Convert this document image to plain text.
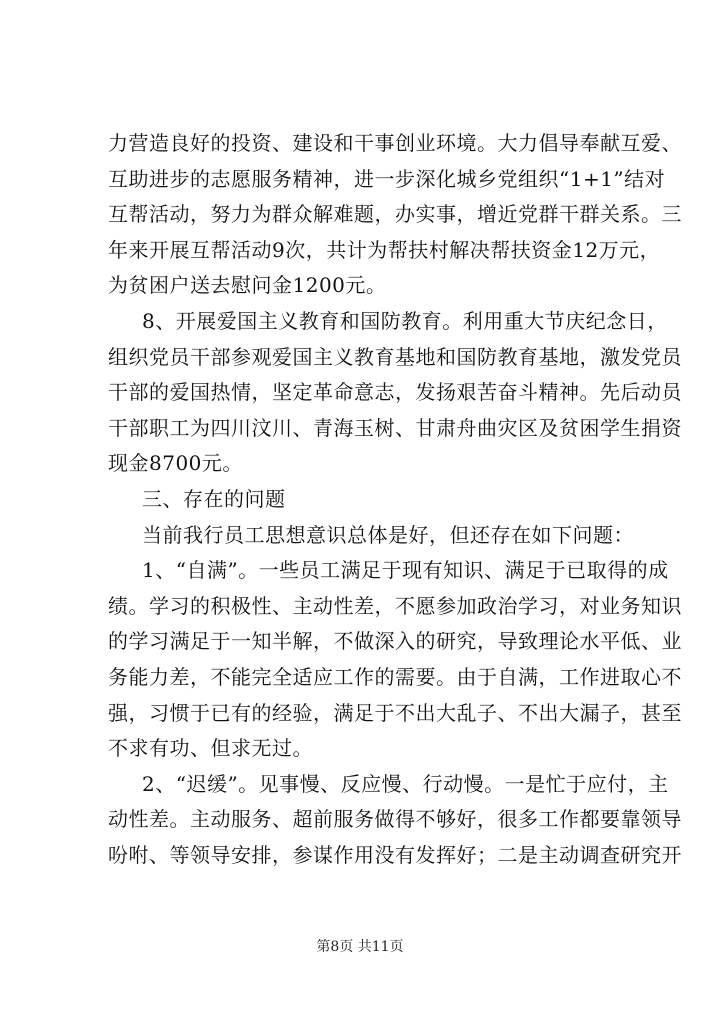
力营造良好的投资、建设和干事创业环境。大力倡导奉献互爱、
互助进步的志愿服务精神，进一步深化城乡党组织“1+1”结对
互帮活动，努力为群众解难题，办实事，增近党群干群关系。三
年来开展互帮活动9次，共计为帮扶村解决帮扶资金12万元，
为贫困户送去慰问金1200元。
8、开展爱国主义教育和国防教育。利用重大节庆纪念日，
组织党员干部参观爱国主义教育基地和国防教育基地，激发党员
干部的爱国热情，坚定革命意志，发扬艰苦奋斗精神。先后动员
干部职工为四川汶川、青海玉树、甘肃舟曲灾区及贫困学生捐资
现金8700元。
三、存在的问题
当前我行员工思想意识总体是好，但还存在如下问题：
1、“自满”。一些员工满足于现有知识、满足于已取得的成
绩。学习的积极性、主动性差，不愿参加政治学习，对业务知识
的学习满足于一知半解，不做深入的研究，导致理论水平低、业
务能力差，不能完全适应工作的需要。由于自满，工作进取心不
强，习惯于已有的经验，满足于不出大乱子、不出大漏子，甚至
不求有功、但求无过。
2、“迟缓”。见事慢、反应慢、行动慢。一是忙于应付，主
动性差。主动服务、超前服务做得不够好，很多工作都要靠领导
吩咐、等领导安排，参谋作用没有发挥好；二是主动调查研究开
第8页 共11页
